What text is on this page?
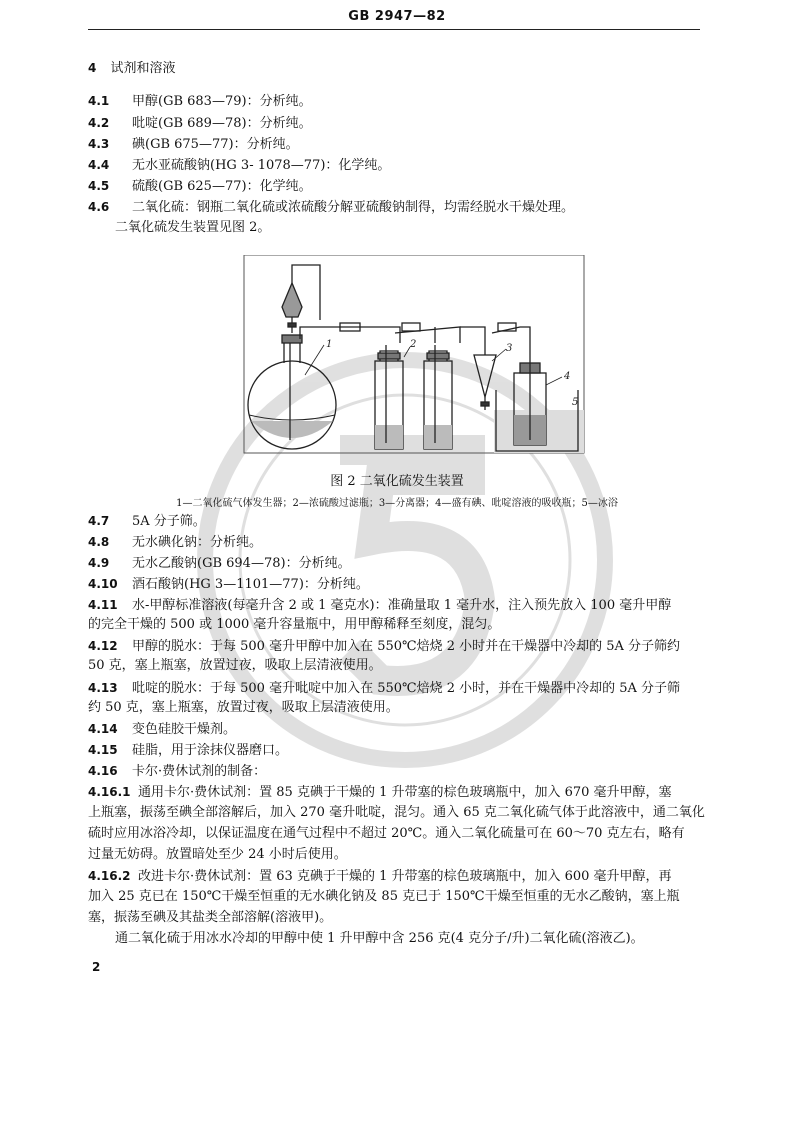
GB 2947—82
4 试剂和溶液
4.1 甲醇(GB 683—79)：分析纯。
4.2 吡啶(GB 689—78)：分析纯。
4.3 碘(GB 675—77)：分析纯。
4.4 无水亚硫酸钠(HG 3- 1078—77)：化学纯。
4.5 硫酸(GB 625—77)：化学纯。
4.6 二氧化硫：钢瓶二氧化硫或浓硫酸分解亚硫酸钠制得，均需经脱水干燥处理。
二氧化硫发生装置见图 2。
1	2	3
4
5
图 2 二氧化硫发生装置
1—二氧化硫气体发生器；2—浓硫酸过滤瓶；3—分离器；4—盛有碘、吡啶溶液的吸收瓶；5—冰浴
4.7 5A 分子筛。
4.8 无水碘化钠：分析纯。
4.9 无水乙酸钠(GB 694—78)：分析纯。
4.10 酒石酸钠(HG 3—1101—77)：分析纯。
4.11 水-甲醇标准溶液(每毫升含 2 或 1 毫克水)：准确量取 1 毫升水，注入预先放入 100 毫升甲醇
的完全干燥的 500 或 1000 毫升容量瓶中，用甲醇稀释至刻度，混匀。
4.12 甲醇的脱水：于每 500 毫升甲醇中加入在 550℃焙烧 2 小时并在干燥器中冷却的 5A 分子筛约
50 克，塞上瓶塞，放置过夜，吸取上层清液使用。
4.13 吡啶的脱水：于每 500 毫升吡啶中加入在 550℃焙烧 2 小时，并在干燥器中冷却的 5A 分子筛
约 50 克，塞上瓶塞，放置过夜，吸取上层清液使用。
4.14 变色硅胶干燥剂。
4.15 硅脂，用于涂抹仪器磨口。
4.16 卡尔·费休试剂的制备：
4.16.1 通用卡尔·费休试剂：置 85 克碘于干燥的 1 升带塞的棕色玻璃瓶中，加入 670 毫升甲醇，塞
上瓶塞，振荡至碘全部溶解后，加入 270 毫升吡啶，混匀。通入 65 克二氧化硫气体于此溶液中，通二氧化
硫时应用冰浴冷却，以保证温度在通气过程中不超过 20℃。通入二氧化硫量可在 60～70 克左右，略有
过量无妨碍。放置暗处至少 24 小时后使用。
4.16.2 改进卡尔·费休试剂：置 63 克碘于干燥的 1 升带塞的棕色玻璃瓶中，加入 600 毫升甲醇，再
加入 25 克已在 150℃干燥至恒重的无水碘化钠及 85 克已于 150℃干燥至恒重的无水乙酸钠，塞上瓶
塞，振荡至碘及其盐类全部溶解(溶液甲)。
通二氧化硫于用冰水冷却的甲醇中使 1 升甲醇中含 256 克(4 克分子/升)二氧化硫(溶液乙)。
2
